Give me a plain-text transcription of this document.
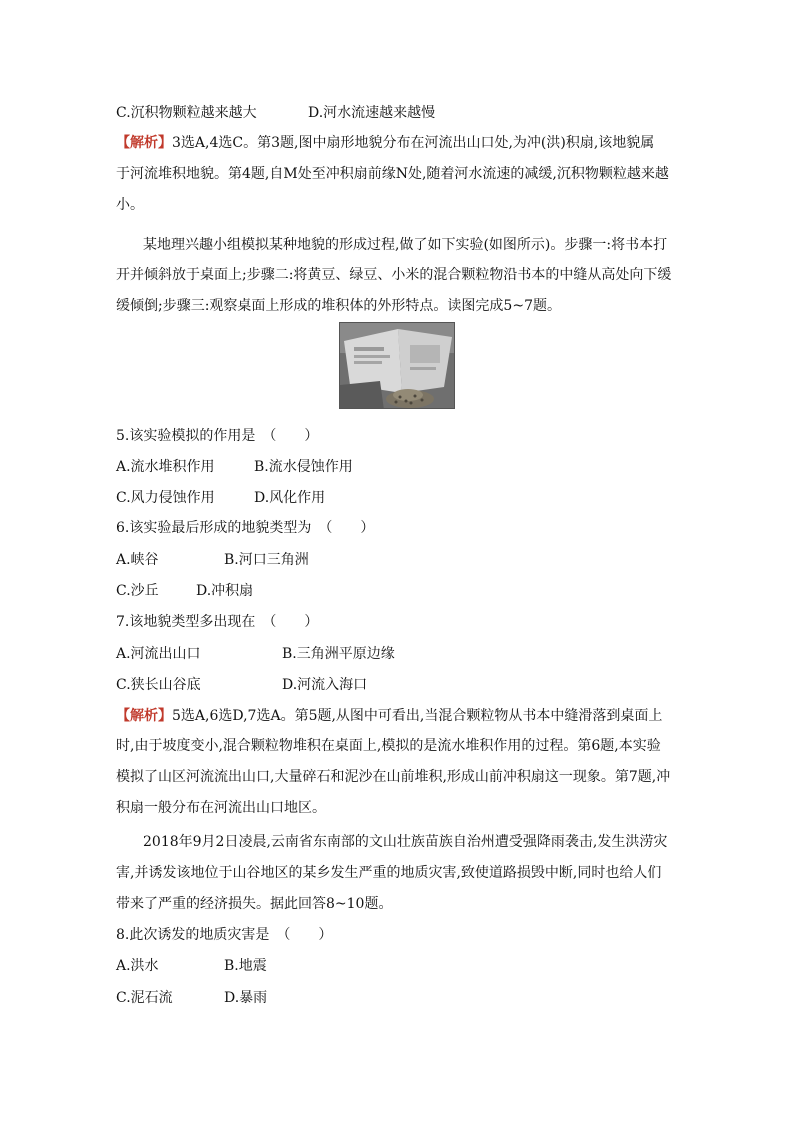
C.沉积物颗粒越来越大	D.河水流速越来越慢
【解析】3选A,4选C。第3题,图中扇形地貌分布在河流出山口处,为冲(洪)积扇,该地貌属
于河流堆积地貌。第4题,自M处至冲积扇前缘N处,随着河水流速的减缓,沉积物颗粒越来越
小。
某地理兴趣小组模拟某种地貌的形成过程,做了如下实验(如图所示)。步骤一:将书本打
开并倾斜放于桌面上;步骤二:将黄豆、绿豆、小米的混合颗粒物沿书本的中缝从高处向下缓
缓倾倒;步骤三:观察桌面上形成的堆积体的外形特点。读图完成5~7题。
5.该实验模拟的作用是　（　　）
A.流水堆积作用	B.流水侵蚀作用
C.风力侵蚀作用	D.风化作用
6.该实验最后形成的地貌类型为　（　　）
A.峡谷	B.河口三角洲
C.沙丘	D.冲积扇
7.该地貌类型多出现在　（　　）
A.河流出山口	B.三角洲平原边缘
C.狭长山谷底	D.河流入海口
【解析】5选A,6选D,7选A。第5题,从图中可看出,当混合颗粒物从书本中缝滑落到桌面上
时,由于坡度变小,混合颗粒物堆积在桌面上,模拟的是流水堆积作用的过程。第6题,本实验
模拟了山区河流流出山口,大量碎石和泥沙在山前堆积,形成山前冲积扇这一现象。第7题,冲
积扇一般分布在河流出山口地区。
2018年9月2日凌晨,云南省东南部的文山壮族苗族自治州遭受强降雨袭击,发生洪涝灾
害,并诱发该地位于山谷地区的某乡发生严重的地质灾害,致使道路损毁中断,同时也给人们
带来了严重的经济损失。据此回答8~10题。
8.此次诱发的地质灾害是　（　　）
A.洪水	B.地震
C.泥石流	D.暴雨
